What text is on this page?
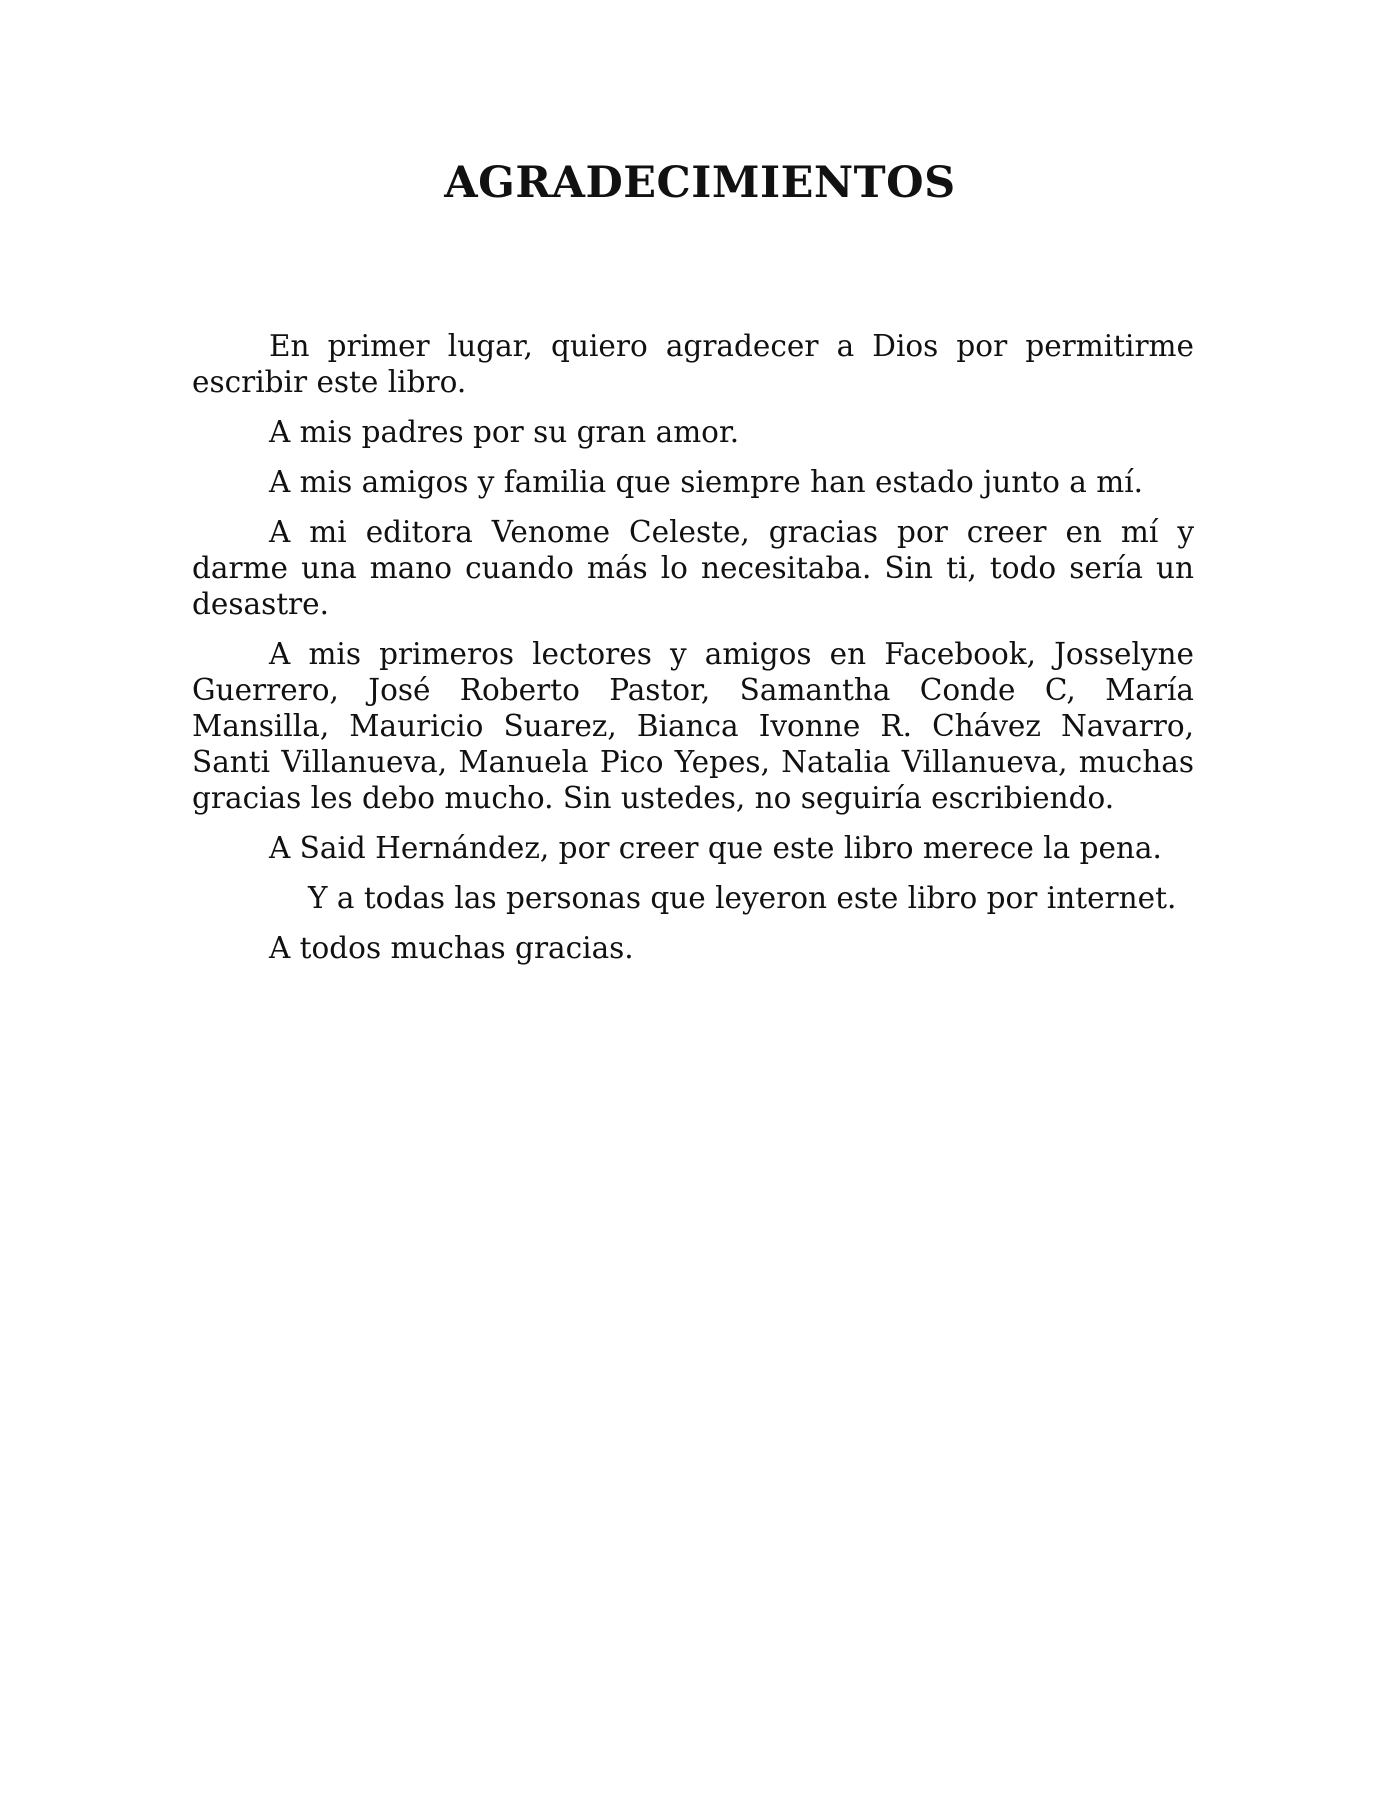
AGRADECIMIENTOS

En primer lugar, quiero agradecer a Dios por permitirme escribir este libro.

A mis padres por su gran amor.

A mis amigos y familia que siempre han estado junto a mí.

A mi editora Venome Celeste, gracias por creer en mí y darme una mano cuando más lo necesitaba. Sin ti, todo sería un desastre.

A mis primeros lectores y amigos en Facebook, Josselyne Guerrero, José Roberto Pastor, Samantha Conde C, María Mansilla, Mauricio Suarez, Bianca Ivonne R. Chávez Navarro, Santi Villanueva, Manuela Pico Yepes, Natalia Villanueva, muchas gracias les debo mucho. Sin ustedes, no seguiría escribiendo.

A Said Hernández, por creer que este libro merece la pena.

Y a todas las personas que leyeron este libro por internet.

A todos muchas gracias.
